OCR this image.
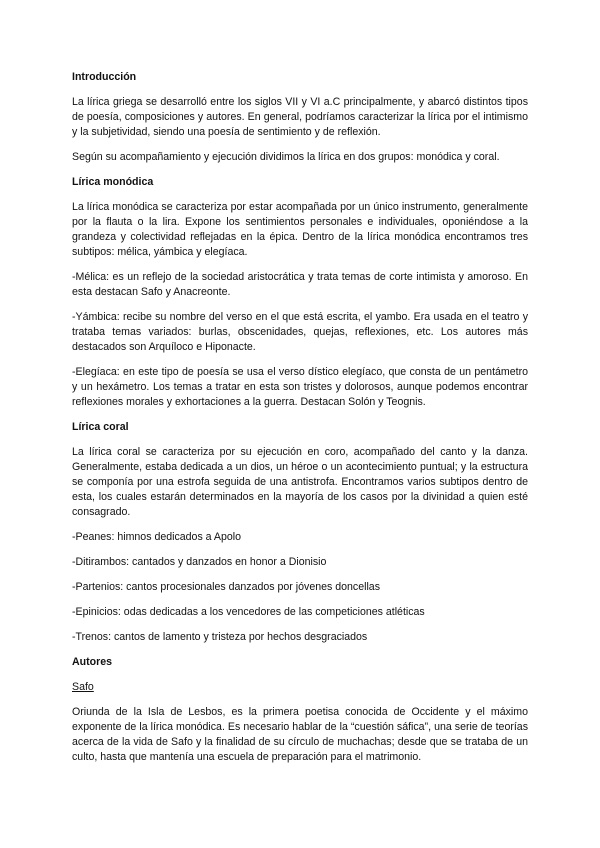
Introducción

La lírica griega se desarrolló entre los siglos VII y VI a.C principalmente, y abarcó distintos tipos de poesía, composiciones y autores. En general, podríamos caracterizar la lírica por el intimismo y la subjetividad, siendo una poesía de sentimiento y de reflexión.

Según su acompañamiento y ejecución dividimos la lírica en dos grupos: monódica y coral.

Lírica monódica

La lírica monódica se caracteriza por estar acompañada por un único instrumento, generalmente por la flauta o la lira. Expone los sentimientos personales e individuales, oponiéndose a la grandeza y colectividad reflejadas en la épica. Dentro de la lírica monódica encontramos tres subtipos: mélica, yámbica y elegíaca.

-Mélica: es un reflejo de la sociedad aristocrática y trata temas de corte intimista y amoroso. En esta destacan Safo y Anacreonte.

-Yámbica: recibe su nombre del verso en el que está escrita, el yambo. Era usada en el teatro y trataba temas variados: burlas, obscenidades, quejas, reflexiones, etc. Los autores más destacados son Arquíloco e Hiponacte.

-Elegíaca: en este tipo de poesía se usa el verso dístico elegíaco, que consta de un pentámetro y un hexámetro. Los temas a tratar en esta son tristes y dolorosos, aunque podemos encontrar reflexiones morales y exhortaciones a la guerra. Destacan Solón y Teognis.

Lírica coral

La lírica coral se caracteriza por su ejecución en coro, acompañado del canto y la danza. Generalmente, estaba dedicada a un dios, un héroe o un acontecimiento puntual; y la estructura se componía por una estrofa seguida de una antistrofa. Encontramos varios subtipos dentro de esta, los cuales estarán determinados en la mayoría de los casos por la divinidad a quien esté consagrado.

-Peanes: himnos dedicados a Apolo

-Ditirambos: cantados y danzados en honor a Dionisio

-Partenios: cantos procesionales danzados por jóvenes doncellas

-Epinicios: odas dedicadas a los vencedores de las competiciones atléticas

-Trenos: cantos de lamento y tristeza por hechos desgraciados

Autores
Safo

Oriunda de la Isla de Lesbos, es la primera poetisa conocida de Occidente y el máximo exponente de la lírica monódica. Es necesario hablar de la “cuestión sáfica”, una serie de teorías acerca de la vida de Safo y la finalidad de su círculo de muchachas; desde que se trataba de un culto, hasta que mantenía una escuela de preparación para el matrimonio.
